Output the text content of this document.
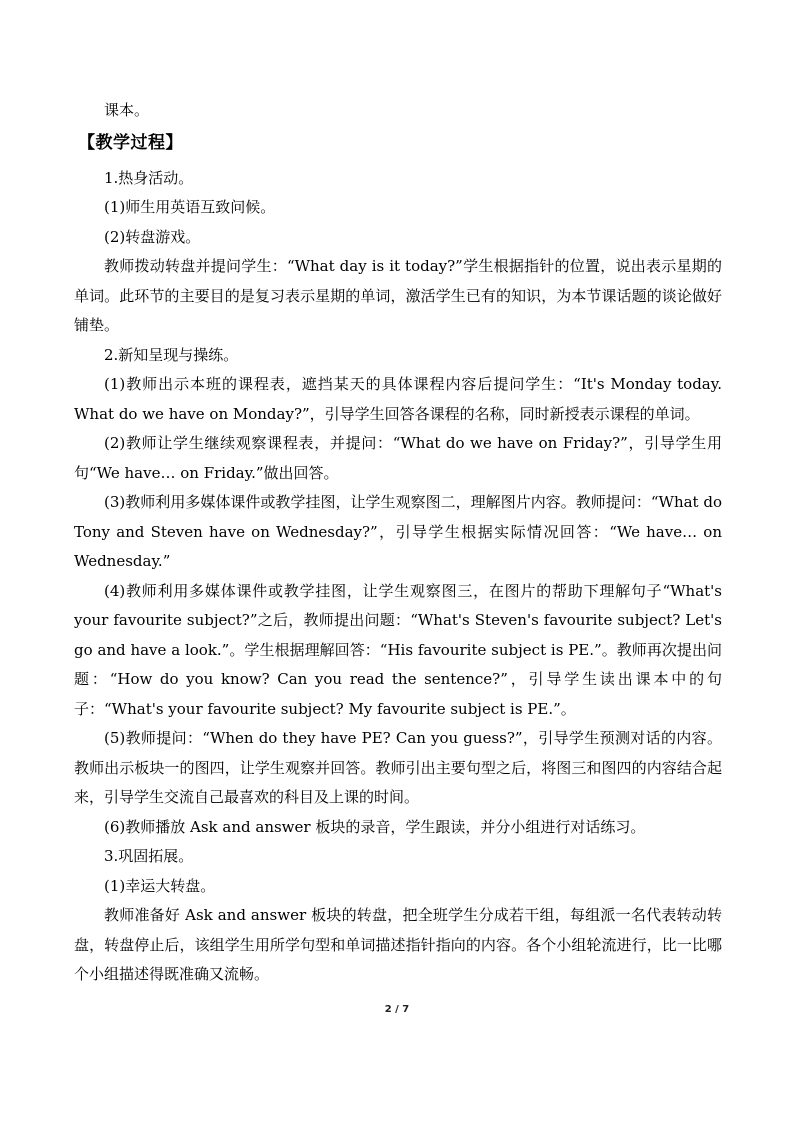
课本。

【教学过程】

1.热身活动。

(1)师生用英语互致问候。

(2)转盘游戏。

教师拨动转盘并提问学生：“What day is it today?”学生根据指针的位置，说出表示星期的单词。此环节的主要目的是复习表示星期的单词，激活学生已有的知识，为本节课话题的谈论做好铺垫。

2.新知呈现与操练。

(1)教师出示本班的课程表，遮挡某天的具体课程内容后提问学生：“It's Monday today. What do we have on Monday?”，引导学生回答各课程的名称，同时新授表示课程的单词。

(2)教师让学生继续观察课程表，并提问：“What do we have on Friday?”，引导学生用句“We have… on Friday.”做出回答。

(3)教师利用多媒体课件或教学挂图，让学生观察图二，理解图片内容。教师提问：“What do Tony and Steven have on Wednesday?”，引导学生根据实际情况回答：“We have… on Wednesday.”

(4)教师利用多媒体课件或教学挂图，让学生观察图三，在图片的帮助下理解句子“What's your favourite subject?”之后，教师提出问题：“What's Steven's favourite subject? Let's go and have a look.”。学生根据理解回答：“His favourite subject is PE.”。教师再次提出问题：“How do you know? Can you read the sentence?”，引导学生读出课本中的句子：“What's your favourite subject? My favourite subject is PE.”。

(5)教师提问：“When do they have PE? Can you guess?”，引导学生预测对话的内容。教师出示板块一的图四，让学生观察并回答。教师引出主要句型之后，将图三和图四的内容结合起来，引导学生交流自己最喜欢的科目及上课的时间。

(6)教师播放 Ask and answer 板块的录音，学生跟读，并分小组进行对话练习。

3.巩固拓展。

(1)幸运大转盘。

教师准备好 Ask and answer 板块的转盘，把全班学生分成若干组，每组派一名代表转动转盘，转盘停止后，该组学生用所学句型和单词描述指针指向的内容。各个小组轮流进行，比一比哪个小组描述得既准确又流畅。

2 / 7
